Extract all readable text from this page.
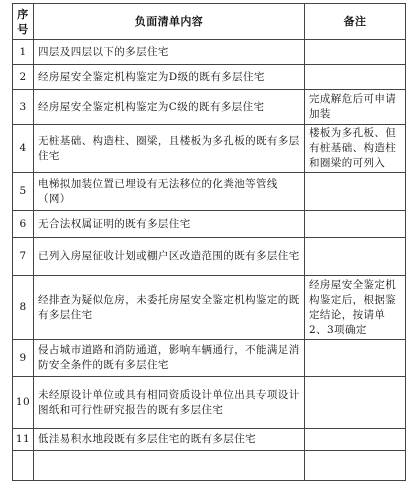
序号	负面清单内容	备注
1	四层及四层以下的多层住宅	
2	经房屋安全鉴定机构鉴定为D级的既有多层住宅	
3	经房屋安全鉴定机构鉴定为C级的既有多层住宅	完成解危后可申请加装
4	无桩基础、构造柱、圈梁，且楼板为多孔板的既有多层住宅	楼板为多孔板、但有桩基础、构造柱和圈梁的可列入
5	电梯拟加装位置已埋设有无法移位的化粪池等管线（网）	
6	无合法权属证明的既有多层住宅	
7	已列入房屋征收计划或棚户区改造范围的既有多层住宅	
8	经排查为疑似危房，未委托房屋安全鉴定机构鉴定的既有多层住宅	经房屋安全鉴定机构鉴定后，根据鉴定结论，按请单2、3项确定
9	侵占城市道路和消防通道，影响车辆通行，不能满足消防安全条件的既有多层住宅	
10	未经原设计单位或具有相同资质设计单位出具专项设计图纸和可行性研究报告的既有多层住宅	
11	低洼易积水地段既有多层住宅的既有多层住宅	
